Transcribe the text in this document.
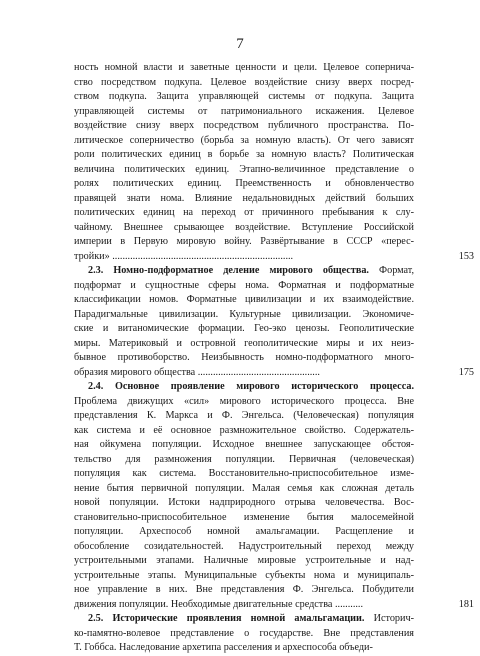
7
ность номной власти и заветные ценности и цели. Целевое сопернича-
ство посредством подкупа. Целевое воздействие снизу вверх посред-
ством подкупа. Защита управляющей системы от подкупа. Защита
управляющей системы от патримониального искажения. Целевое
воздействие снизу вверх посредством публичного пространства. По-
литическое соперничество (борьба за номную власть). От чего зависят
роли политических единиц в борьбе за номную власть? Политическая
величина политических единиц. Этапно-величинное представление о
ролях политических единиц. Преемственность и обновленчество
правящей знати нома. Влияние недальновидных действий больших
политических единиц на переход от причинного пребывания к слу-
чайному. Внешнее срывающее воздействие. Вступление Российской
империи в Первую мировую войну. Развёртывание в СССР «перес-
тройки» .......................................................................	153
2.3. Номно-подформатное деление мирового общества. Формат,
подформат и сущностные сферы нома. Форматная и подформатные
классификации номов. Форматные цивилизации и их взаимодействие.
Парадигмальные цивилизации. Культурные цивилизации. Экономиче-
ские и витаномические формации. Гео-эко ценозы. Геополитические
миры. Материковый и островной геополитические миры и их неиз-
бывное противоборство. Неизбывность номно-подформатного много-
образия мирового общества ................................................	175
2.4. Основное проявление мирового исторического процесса.
Проблема движущих «сил» мирового исторического процесса. Вне
представления К. Маркса и Ф. Энгельса. (Человеческая) популяция
как система и её основное размножительное свойство. Содержатель-
ная ойкумена популяции. Исходное внешнее запускающее обстоя-
тельство для размножения популяции. Первичная (человеческая)
популяция как система. Восстановительно-приспособительное изме-
нение бытия первичной популяции. Малая семья как сложная деталь
новой популяции. Истоки надприродного отрыва человечества. Вос-
становительно-приспособительное изменение бытия малосемейной
популяции. Археспособ номной амальгамации. Расщепление и
обособление созидательностей. Надустроительный переход между
устроительными этапами. Наличные мировые устроительные и над-
устроительные этапы. Муниципальные субъекты нома и муниципаль-
ное управление в них. Вне представления Ф. Энгельса. Побудители
движения популяции. Необходимые двигательные средства ...........	181
2.5. Исторические проявления номной амальгамации. Историч-
ко-памятно-волевое представление о государстве. Вне представления
Т. Гоббса. Наследование архетипа расселения и археспособа объеди-
